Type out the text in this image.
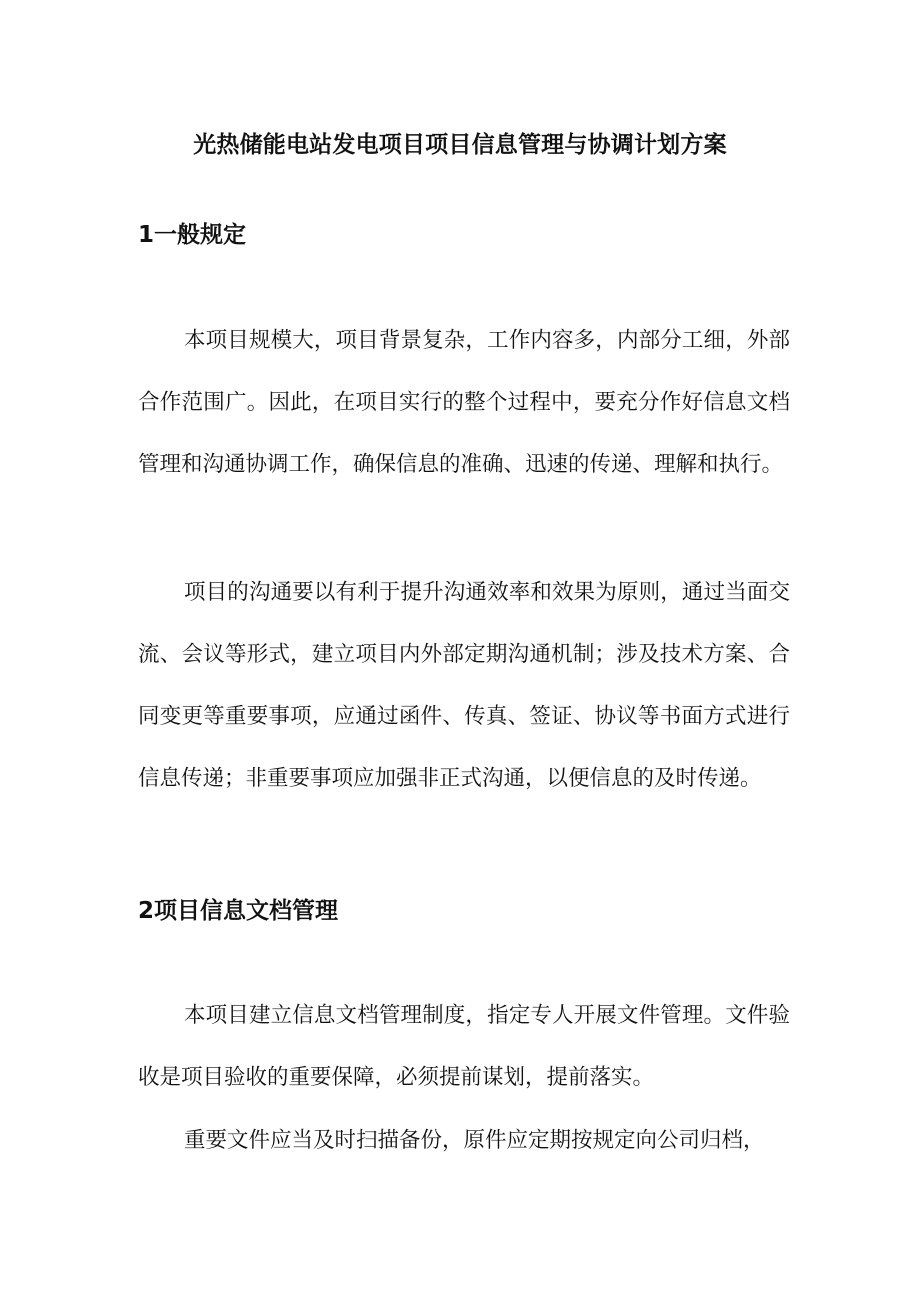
光热储能电站发电项目项目信息管理与协调计划方案
1一般规定

本项目规模大，项目背景复杂，工作内容多，内部分工细，外部合作范围广。因此，在项目实行的整个过程中，要充分作好信息文档管理和沟通协调工作，确保信息的准确、迅速的传递、理解和执行。

项目的沟通要以有利于提升沟通效率和效果为原则，通过当面交流、会议等形式，建立项目内外部定期沟通机制；涉及技术方案、合同变更等重要事项，应通过函件、传真、签证、协议等书面方式进行信息传递；非重要事项应加强非正式沟通，以便信息的及时传递。

2项目信息文档管理

本项目建立信息文档管理制度，指定专人开展文件管理。文件验收是项目验收的重要保障，必须提前谋划，提前落实。

重要文件应当及时扫描备份，原件应定期按规定向公司归档，
